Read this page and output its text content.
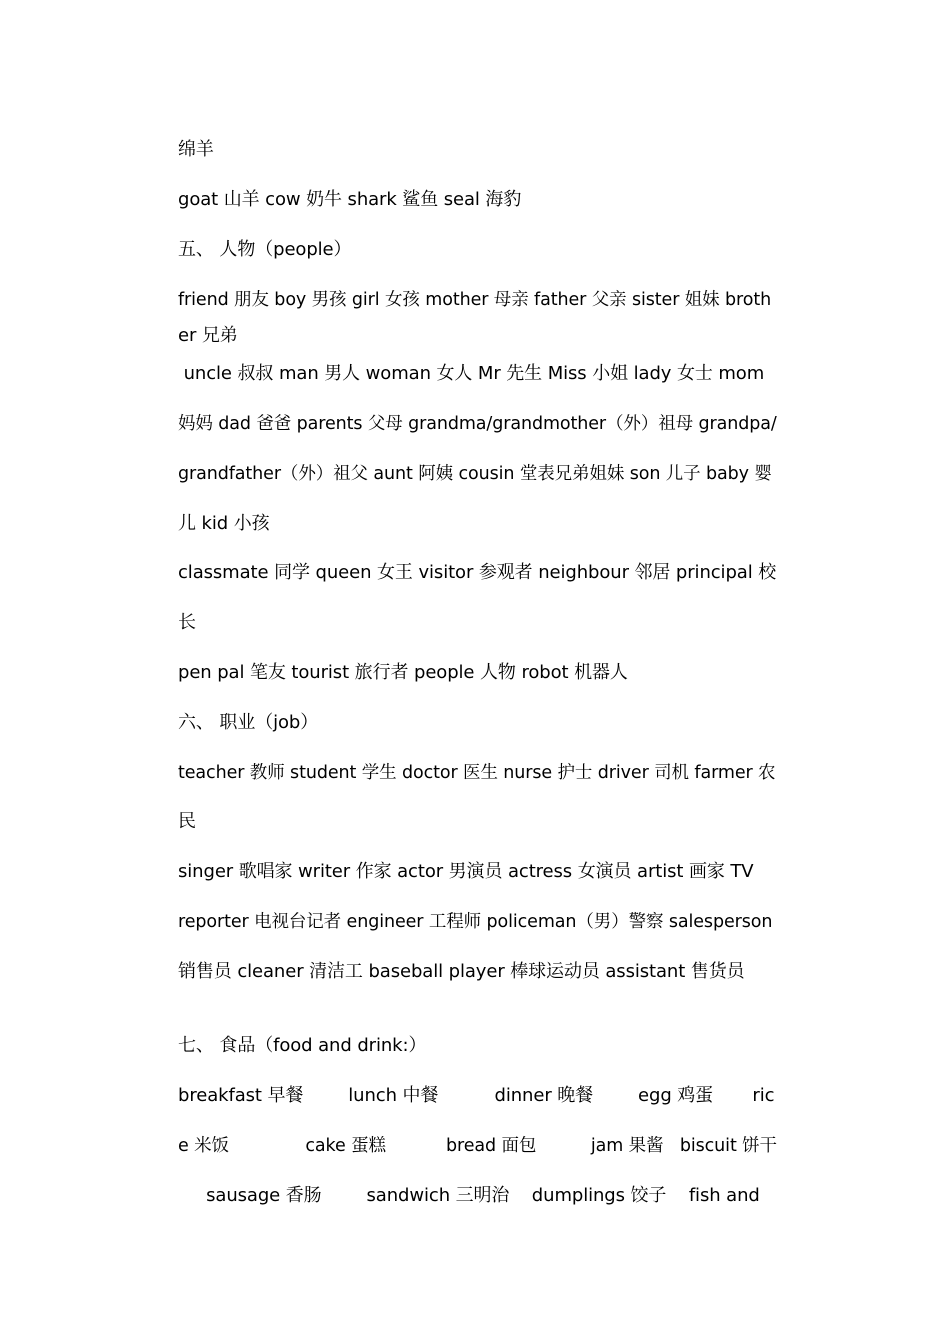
绵羊
goat 山羊 cow 奶牛 shark 鲨鱼 seal 海豹
五、 人物（people）
friend 朋友 boy 男孩 girl 女孩 mother 母亲 father 父亲 sister 姐妹 broth
er 兄弟
uncle 叔叔 man 男人 woman 女人 Mr 先生 Miss 小姐 lady 女士 mom
妈妈 dad 爸爸 parents 父母 grandma/grandmother（外）祖母 grandpa/
grandfather（外）祖父 aunt 阿姨 cousin 堂表兄弟姐妹 son 儿子 baby 婴
儿 kid 小孩
classmate 同学 queen 女王 visitor 参观者 neighbour 邻居 principal 校
长
pen pal 笔友 tourist 旅行者 people 人物 robot 机器人
六、 职业（job）
teacher 教师 student 学生 doctor 医生 nurse 护士 driver 司机 farmer 农
民
singer 歌唱家 writer 作家 actor 男演员 actress 女演员 artist 画家 TV
reporter 电视台记者 engineer 工程师 policeman（男）警察 salesperson
销售员 cleaner 清洁工 baseball player 棒球运动员 assistant 售货员
七、 食品（food and drink:）
breakfast 早餐        lunch 中餐          dinner 晚餐        egg 鸡蛋       ric
e 米饭              cake 蛋糕           bread 面包          jam 果酱   biscuit 饼干
sausage 香肠        sandwich 三明治    dumplings 饺子    fish and
